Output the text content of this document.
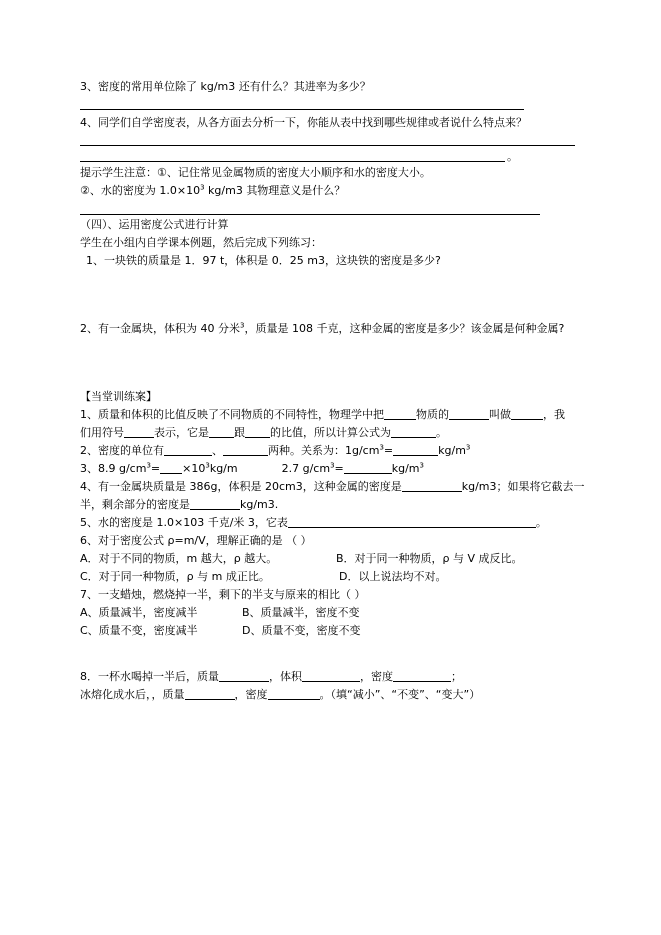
3、密度的常用单位除了 kg/m3 还有什么？其进率为多少？
4、同学们自学密度表，从各方面去分析一下，你能从表中找到哪些规律或者说什么特点来？
。
提示学生注意：①、记住常见金属物质的密度大小顺序和水的密度大小。
②、水的密度为 $1.0\times 10^3$ kg/m3 其物理意义是什么？
（四）、运用密度公式进行计算
学生在小组内自学课本例题，然后完成下列练习：
1、一块铁的质量是 1．97 t，体积是 0．25 m3，这块铁的密度是多少?
2、有一金属块，体积为 40 分米$^3$，质量是 108 千克，这种金属的密度是多少？该金属是何种金属?
【当堂训练案】
1、质量和体积的比值反映了不同物质的不同特性，物理学中把	物质的	叫做	，我
们用符号	表示，它是 跟 的比值，所以计算公式为	。
2、密度的单位有	、	两种。关系为：$1g/cm^3=$	$kg/m^3$
3、8.9 $g/cm^3= \times 10^3kg/m$	2.7 $g/cm^3=$	$kg/m^3$
4、有一金属块质量是 386g，体积是 20cm3，这种金属的密度是	kg/m3；如果将它截去一
半，剩余部分的密度是	kg/m3.
5、水的密度是 1.0×103 千克/米 3，它表	。
6、对于密度公式 ρ=m/V，理解正确的是 （ ）
A．对于不同的物质，m 越大，ρ 越大。	B．对于同一种物质，ρ 与 V 成反比。
C．对于同一种物质，ρ 与 m 成正比。	D．以上说法均不对。
7、一支蜡烛，燃烧掉一半，剩下的半支与原来的相比（ ）
A、质量减半，密度减半	B、质量减半，密度不变
C、质量不变，密度减半	D、质量不变，密度不变
8．一杯水喝掉一半后，质量	，体积	，密度	；
冰熔化成水后，，质量	，密度	。（填“减小”、“不变”、“变大”）
